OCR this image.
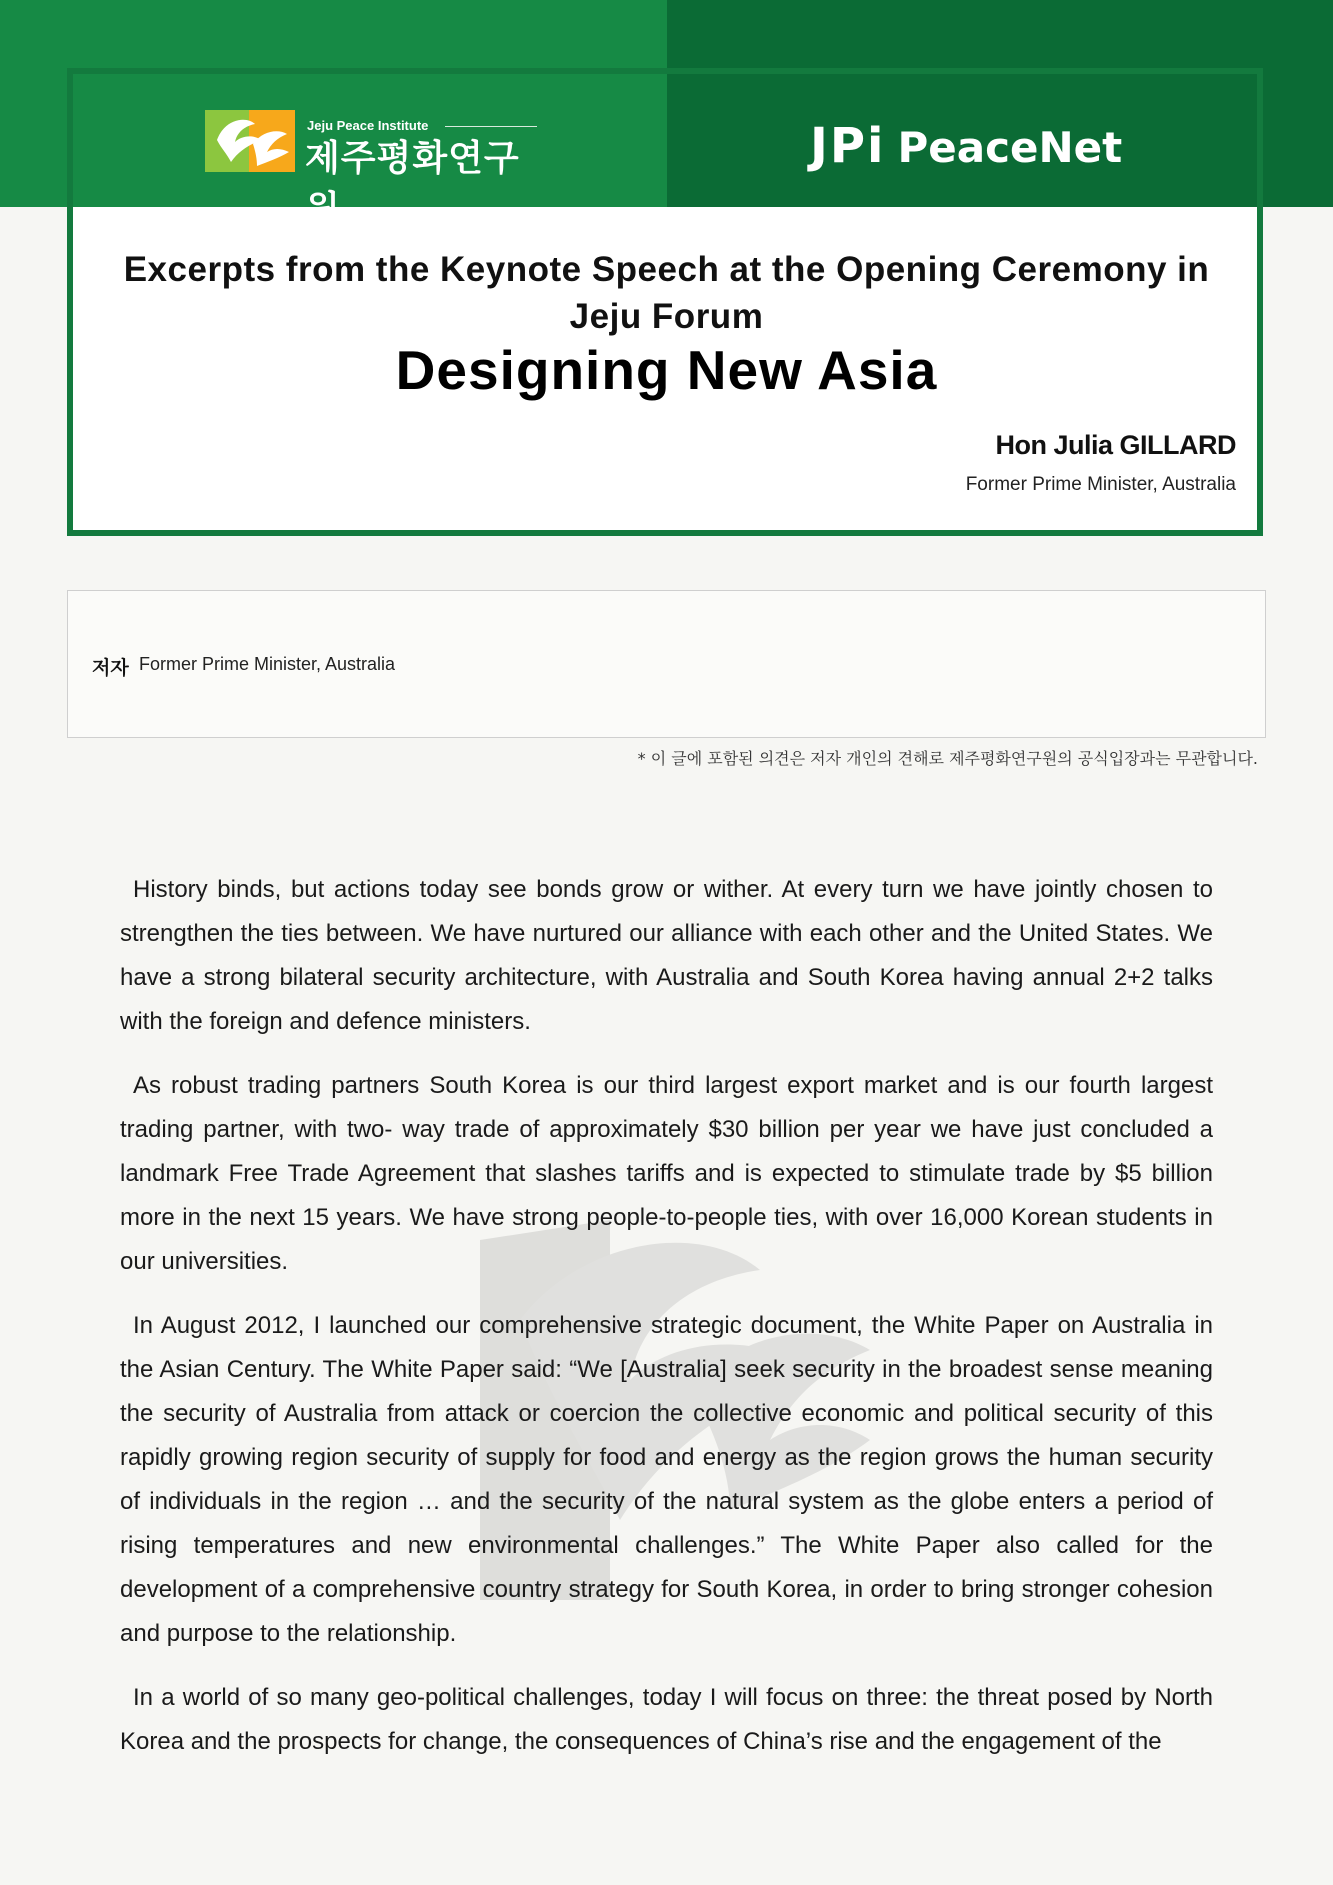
Jeju Peace Institute
제주평화연구원
JPi PeaceNet
Excerpts from the Keynote Speech at the Opening Ceremony in Jeju Forum
Designing New Asia
Hon Julia GILLARD
Former Prime Minister, Australia
저자 Former Prime Minister, Australia
* 이 글에 포함된 의견은 저자 개인의 견해로 제주평화연구원의 공식입장과는 무관합니다.

History binds, but actions today see bonds grow or wither. At every turn we have jointly chosen to strengthen the ties between. We have nurtured our alliance with each other and the United States. We have a strong bilateral security architecture, with Australia and South Korea having annual 2+2 talks with the foreign and defence ministers.

As robust trading partners South Korea is our third largest export market and is our fourth largest trading partner, with two- way trade of approximately $30 billion per year we have just concluded a landmark Free Trade Agreement that slashes tariffs and is expected to stimulate trade by $5 billion more in the next 15 years. We have strong people-to-people ties, with over 16,000 Korean students in our universities.

In August 2012, I launched our comprehensive strategic document, the White Paper on Australia in the Asian Century. The White Paper said: “We [Australia] seek security in the broadest sense meaning the security of Australia from attack or coercion the collective economic and political security of this rapidly growing region security of supply for food and energy as the region grows the human security of individuals in the region … and the security of the natural system as the globe enters a period of rising temperatures and new environmental challenges.” The White Paper also called for the development of a comprehensive country strategy for South Korea, in order to bring stronger cohesion and purpose to the relationship.

In a world of so many geo-political challenges, today I will focus on three: the threat posed by North Korea and the prospects for change, the consequences of China’s rise and the engagement of the
